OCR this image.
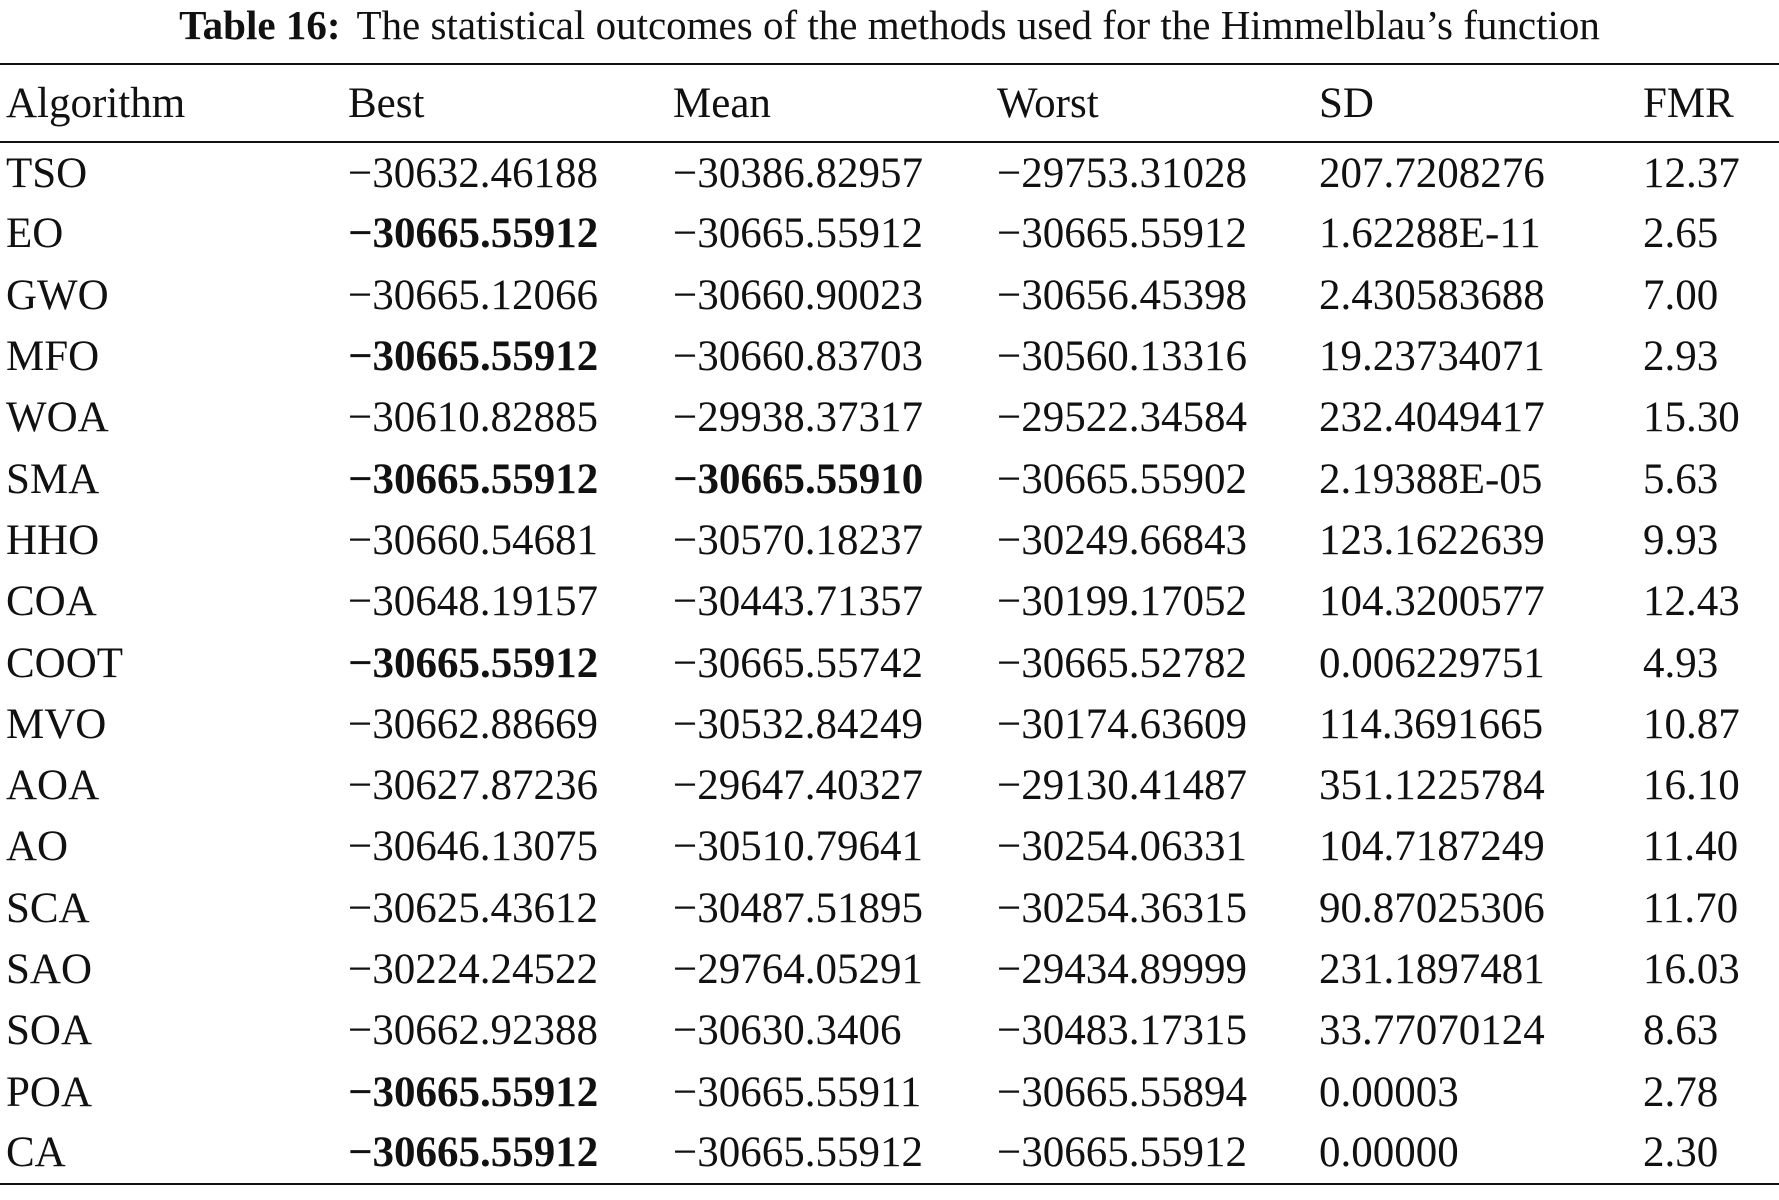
Table 16: The statistical outcomes of the methods used for the Himmelblau’s function
Algorithm	Best	Mean	Worst	SD	FMR
TSO	−30632.46188	−30386.82957	−29753.31028	207.7208276	12.37
EO	−30665.55912	−30665.55912	−30665.55912	1.62288E-11	2.65
GWO	−30665.12066	−30660.90023	−30656.45398	2.430583688	7.00
MFO	−30665.55912	−30660.83703	−30560.13316	19.23734071	2.93
WOA	−30610.82885	−29938.37317	−29522.34584	232.4049417	15.30
SMA	−30665.55912	−30665.55910	−30665.55902	2.19388E-05	5.63
HHO	−30660.54681	−30570.18237	−30249.66843	123.1622639	9.93
COA	−30648.19157	−30443.71357	−30199.17052	104.3200577	12.43
COOT	−30665.55912	−30665.55742	−30665.52782	0.006229751	4.93
MVO	−30662.88669	−30532.84249	−30174.63609	114.3691665	10.87
AOA	−30627.87236	−29647.40327	−29130.41487	351.1225784	16.10
AO	−30646.13075	−30510.79641	−30254.06331	104.7187249	11.40
SCA	−30625.43612	−30487.51895	−30254.36315	90.87025306	11.70
SAO	−30224.24522	−29764.05291	−29434.89999	231.1897481	16.03
SOA	−30662.92388	−30630.3406	−30483.17315	33.77070124	8.63
POA	−30665.55912	−30665.55911	−30665.55894	0.00003	2.78
CA	−30665.55912	−30665.55912	−30665.55912	0.00000	2.30
